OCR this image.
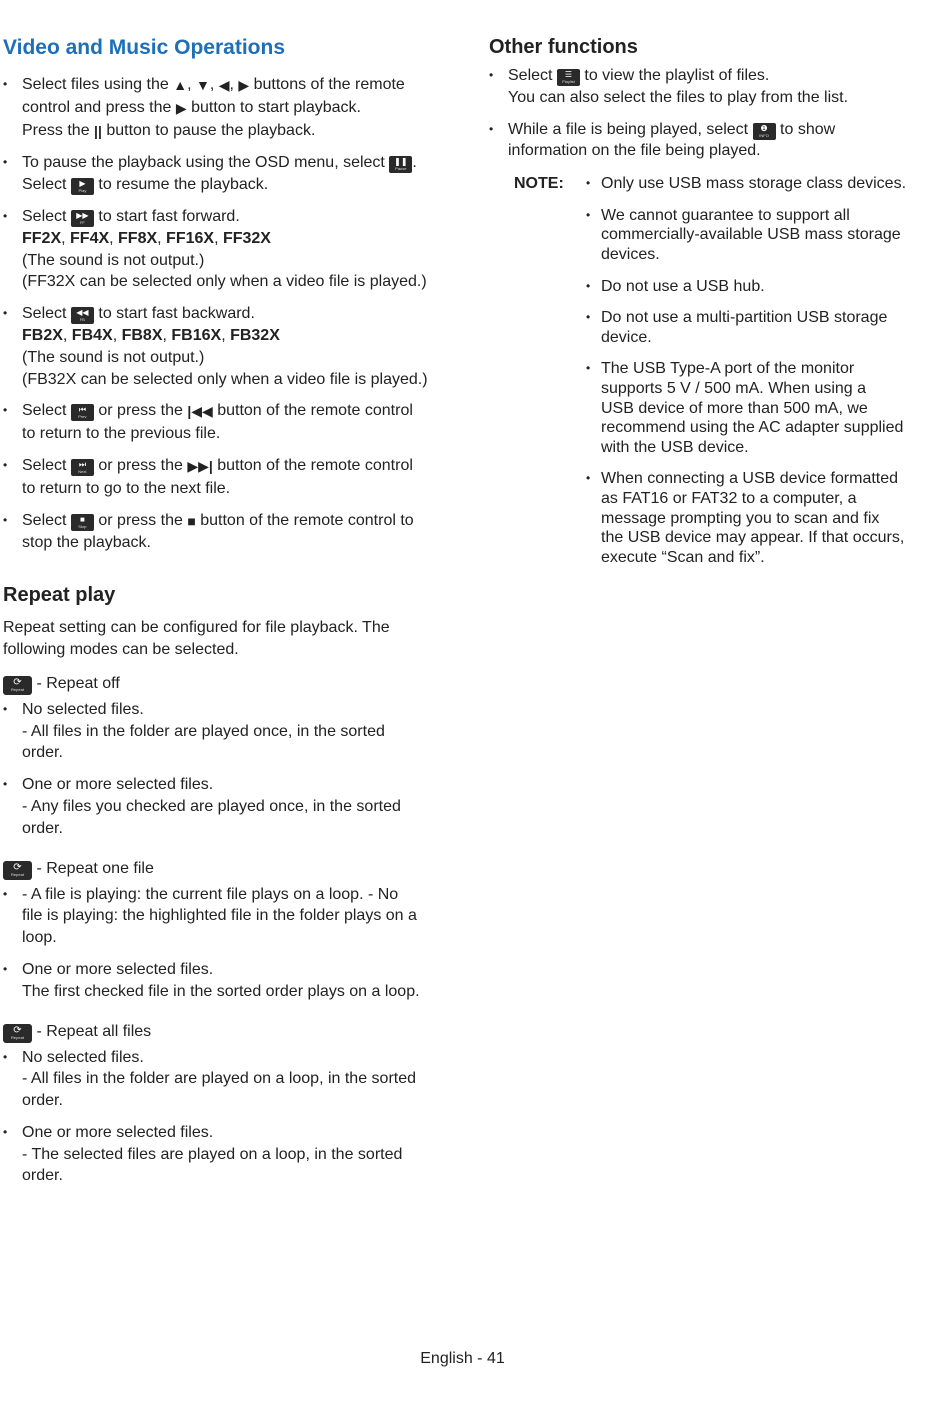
Video and Music Operations
• Select files using the ▲, ▼, ◀, ▶ buttons of the remote
control and press the ▶ button to start playback.
Press the || button to pause the playback.
• To pause the playback using the OSD menu, select	❚❚
Pause .
Select	▶
Play to resume the playback.
• Select	▶▶
FF to start fast forward.
FF2X, FF4X, FF8X, FF16X, FF32X
(The sound is not output.)
(FF32X can be selected only when a video file is played.)
• Select	◀◀
FB to start fast backward.
FB2X, FB4X, FB8X, FB16X, FB32X
(The sound is not output.)
(FB32X can be selected only when a video file is played.)
• Select	⏮
Prev or press the |◀◀ button of the remote control
to return to the previous file.
• Select	⏭
Next or press the ▶▶| button of the remote control
to return to go to the next file.
• Select	■
Stop or press the ■ button of the remote control to
stop the playback.
Repeat play

Repeat setting can be configured for file playback. The
following modes can be selected.

⟳
Repeat - Repeat off
• No selected files.
- All files in the folder are played once, in the sorted
order.
• One or more selected files.
- Any files you checked are played once, in the sorted
order.
⟳
Repeat - Repeat one file
• - A file is playing: the current file plays on a loop. - No
file is playing: the highlighted file in the folder plays on a
loop.
• One or more selected files.
The first checked file in the sorted order plays on a loop.
⟳
Repeat - Repeat all files
• No selected files.
- All files in the folder are played on a loop, in the sorted
order.
• One or more selected files.
- The selected files are played on a loop, in the sorted
order.
Other functions
• Select	☰
Playlist to view the playlist of files.
You can also select the files to play from the list.
• While a file is being played, select	❶
INFO to show
information on the file being played.
NOTE:
• Only use USB mass storage class devices.
• We cannot guarantee to support all
commercially-available USB mass storage
devices.
• Do not use a USB hub.
• Do not use a multi-partition USB storage
device.
• The USB Type-A port of the monitor
supports 5 V / 500 mA. When using a
USB device of more than 500 mA, we
recommend using the AC adapter supplied
with the USB device.
• When connecting a USB device formatted
as FAT16 or FAT32 to a computer, a
message prompting you to scan and fix
the USB device may appear. If that occurs,
execute “Scan and fix”.
English - 41
